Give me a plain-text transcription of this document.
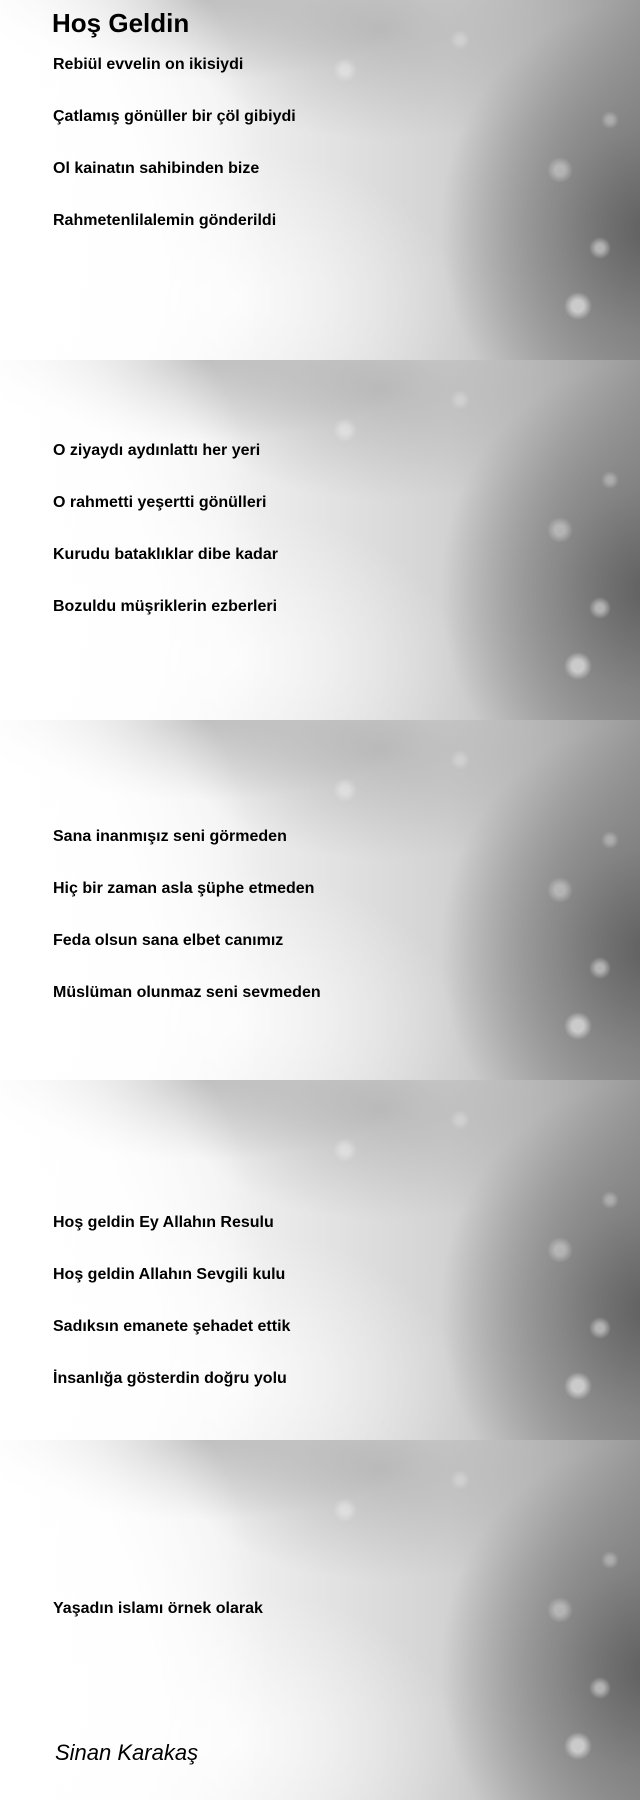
Hoş Geldin

Rebiül evvelin on ikisiydi

Çatlamış gönüller bir çöl gibiydi

Ol kainatın sahibinden bize

Rahmetenlilalemin gönderildi

O ziyaydı aydınlattı her yeri

O rahmetti yeşertti gönülleri

Kurudu bataklıklar dibe kadar

Bozuldu müşriklerin ezberleri

Sana inanmışız seni görmeden

Hiç bir zaman asla şüphe etmeden

Feda olsun sana elbet canımız

Müslüman olunmaz seni sevmeden

Hoş geldin Ey Allahın Resulu

Hoş geldin Allahın Sevgili kulu

Sadıksın emanete şehadet ettik

İnsanlığa gösterdin doğru yolu

Yaşadın islamı örnek olarak

Sinan Karakaş
